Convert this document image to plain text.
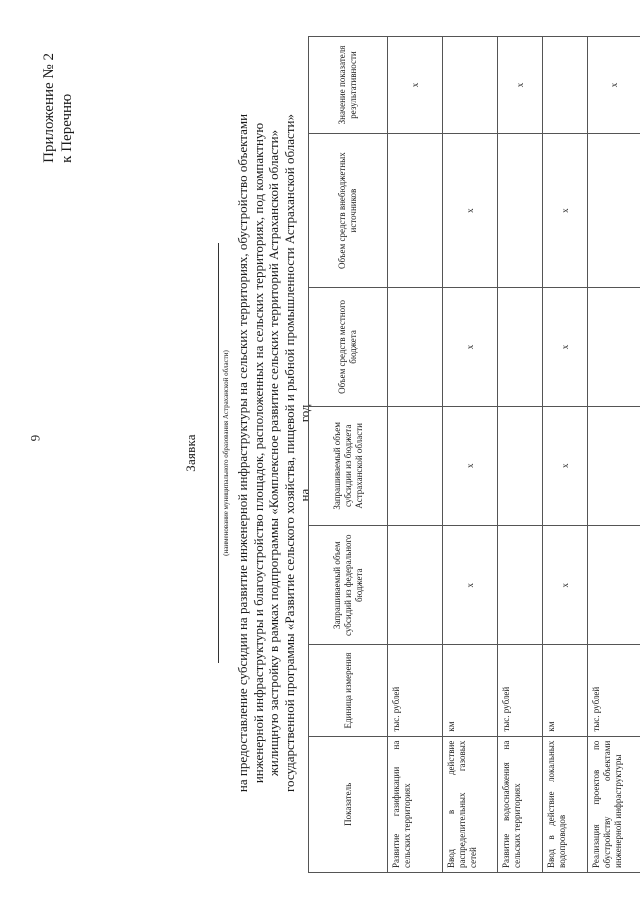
6
Приложение № 2 к Перечню
Заявка	(наименование муниципального образования Астраханской области) на предоставление субсидии на развитие инженерной инфраструктуры на сельских территориях, обустройство объектами инженерной инфраструктуры и благоустройство площадок, расположенных на сельских территориях, под компактную жилищную застройку в рамках подпрограммы «Комплексное развитие сельских территорий Астраханской области» государственной программы «Развитие сельского хозяйства, пищевой и рыбной промышленности Астраханской области» на  год
Показатель	Единица измерения	Запрашиваемый объем субсидий из федерального бюджета	Запрашиваемый объем субсидии из бюджета Астраханской области	Объем средств местного бюджета	Объем средств внебюджетных источников	Значение показателя результативности
Развитие газификации на сельских территориях	тыс. рублей					х
Ввод в действие распределительных газовых сетей	км	х	х	х	х	
Развитие водоснабжения на сельских территориях	тыс. рублей					х
Ввод в действие локальных водопроводов	км	х	х	х	х	
Реализация проектов по обустройству объектами инженерной инфраструктуры	тыс. рублей					х
